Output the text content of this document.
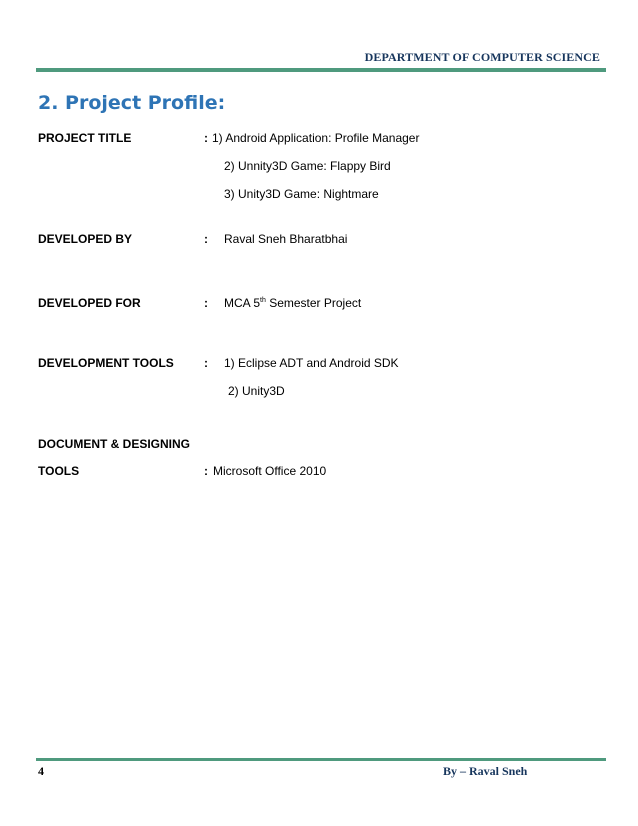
DEPARTMENT OF COMPUTER SCIENCE
2. Project Profile:
PROJECT TITLE	: 1) Android Application: Profile Manager
2) Unnity3D Game: Flappy Bird
3) Unity3D Game: Nightmare
DEVELOPED BY	: Raval Sneh Bharatbhai
DEVELOPED FOR	: MCA 5th Semester Project
DEVELOPMENT TOOLS	: 1) Eclipse ADT and Android SDK
2) Unity3D
DOCUMENT & DESIGNING
TOOLS	: Microsoft Office 2010
4	By – Raval Sneh
